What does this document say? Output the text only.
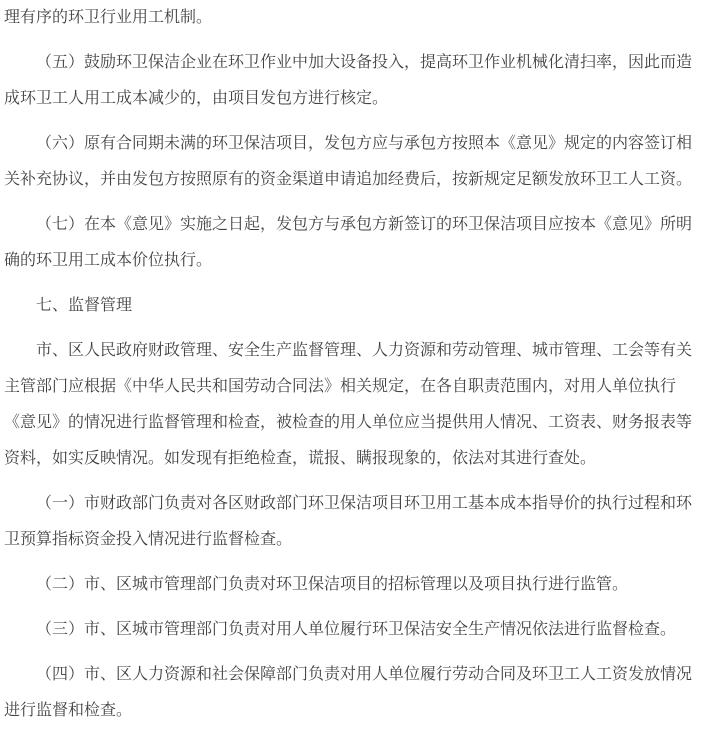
理有序的环卫行业用工机制。

（五）鼓励环卫保洁企业在环卫作业中加大设备投入，提高环卫作业机械化清扫率，因此而造成环卫工人用工成本减少的，由项目发包方进行核定。

（六）原有合同期未满的环卫保洁项目，发包方应与承包方按照本《意见》规定的内容签订相关补充协议，并由发包方按照原有的资金渠道申请追加经费后，按新规定足额发放环卫工人工资。

（七）在本《意见》实施之日起，发包方与承包方新签订的环卫保洁项目应按本《意见》所明确的环卫用工成本价位执行。

七、监督管理

市、区人民政府财政管理、安全生产监督管理、人力资源和劳动管理、城市管理、工会等有关主管部门应根据《中华人民共和国劳动合同法》相关规定，在各自职责范围内，对用人单位执行《意见》的情况进行监督管理和检查，被检查的用人单位应当提供用人情况、工资表、财务报表等资料，如实反映情况。如发现有拒绝检查，谎报、瞒报现象的，依法对其进行查处。

（一）市财政部门负责对各区财政部门环卫保洁项目环卫用工基本成本指导价的执行过程和环卫预算指标资金投入情况进行监督检查。

（二）市、区城市管理部门负责对环卫保洁项目的招标管理以及项目执行进行监管。

（三）市、区城市管理部门负责对用人单位履行环卫保洁安全生产情况依法进行监督检查。

（四）市、区人力资源和社会保障部门负责对用人单位履行劳动合同及环卫工人工资发放情况进行监督和检查。
